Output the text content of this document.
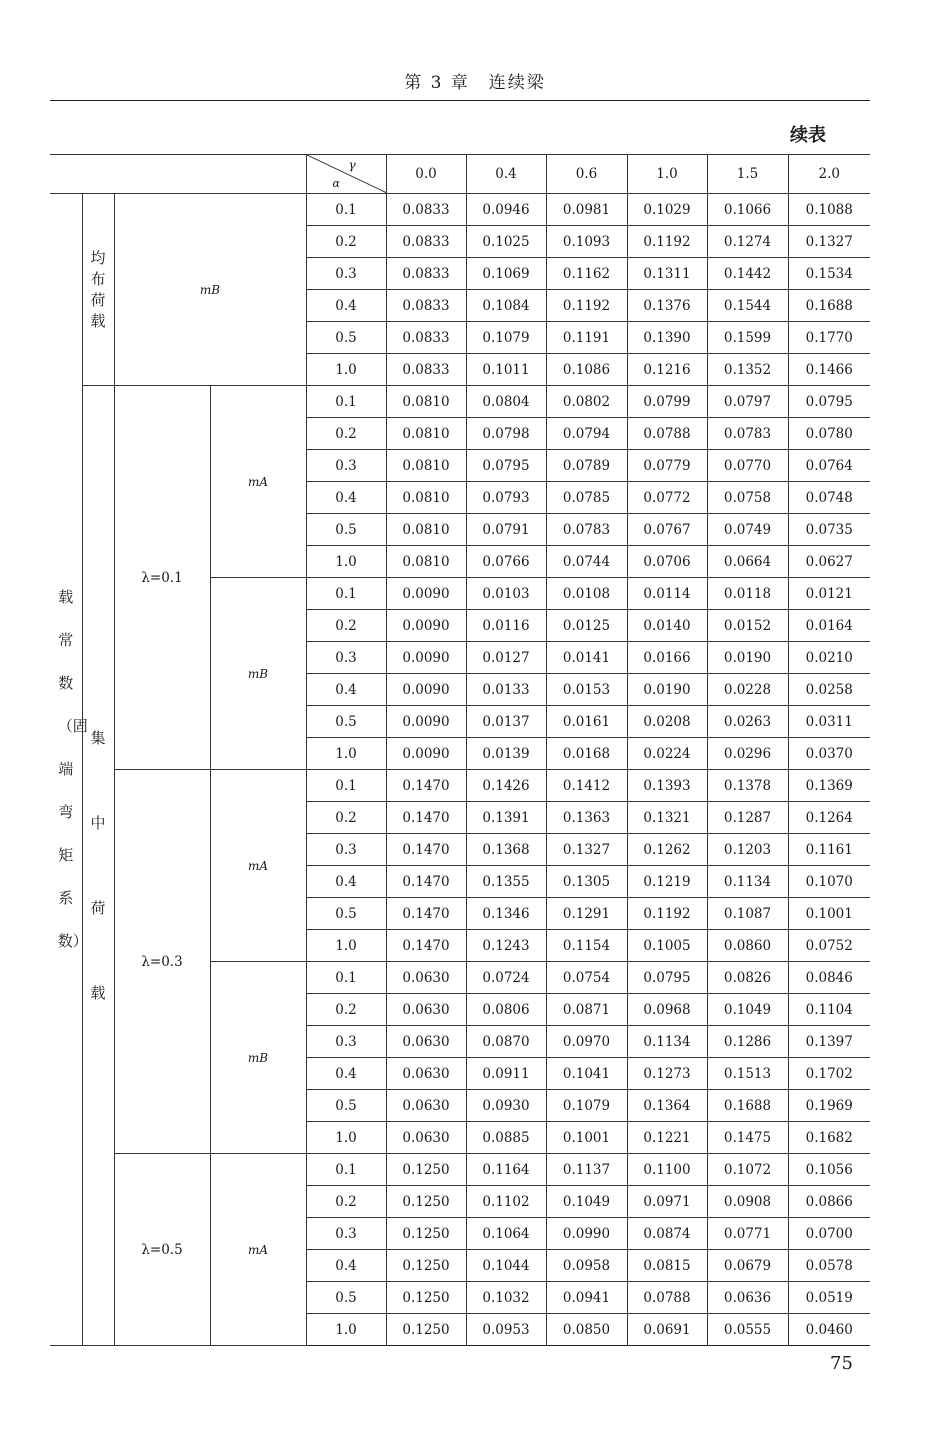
第 3 章　连续梁
续表

				γ
α	0.0	0.4	0.6	1.0	1.5	2.0
载常数（固端弯矩系数）	均布荷载	mB		0.1	0.0833	0.0946	0.0981	0.1029	0.1066	0.1088
				0.2	0.0833	0.1025	0.1093	0.1192	0.1274	0.1327
				0.3	0.0833	0.1069	0.1162	0.1311	0.1442	0.1534
				0.4	0.0833	0.1084	0.1192	0.1376	0.1544	0.1688
				0.5	0.0833	0.1079	0.1191	0.1390	0.1599	0.1770
				1.0	0.0833	0.1011	0.1086	0.1216	0.1352	0.1466
	集中荷载	λ=0.1	mA	0.1	0.0810	0.0804	0.0802	0.0799	0.0797	0.0795
				0.2	0.0810	0.0798	0.0794	0.0788	0.0783	0.0780
				0.3	0.0810	0.0795	0.0789	0.0779	0.0770	0.0764
				0.4	0.0810	0.0793	0.0785	0.0772	0.0758	0.0748
				0.5	0.0810	0.0791	0.0783	0.0767	0.0749	0.0735
				1.0	0.0810	0.0766	0.0744	0.0706	0.0664	0.0627
			mB	0.1	0.0090	0.0103	0.0108	0.0114	0.0118	0.0121
				0.2	0.0090	0.0116	0.0125	0.0140	0.0152	0.0164
				0.3	0.0090	0.0127	0.0141	0.0166	0.0190	0.0210
				0.4	0.0090	0.0133	0.0153	0.0190	0.0228	0.0258
				0.5	0.0090	0.0137	0.0161	0.0208	0.0263	0.0311
				1.0	0.0090	0.0139	0.0168	0.0224	0.0296	0.0370
		λ=0.3	mA	0.1	0.1470	0.1426	0.1412	0.1393	0.1378	0.1369
				0.2	0.1470	0.1391	0.1363	0.1321	0.1287	0.1264
				0.3	0.1470	0.1368	0.1327	0.1262	0.1203	0.1161
				0.4	0.1470	0.1355	0.1305	0.1219	0.1134	0.1070
				0.5	0.1470	0.1346	0.1291	0.1192	0.1087	0.1001
				1.0	0.1470	0.1243	0.1154	0.1005	0.0860	0.0752
			mB	0.1	0.0630	0.0724	0.0754	0.0795	0.0826	0.0846
				0.2	0.0630	0.0806	0.0871	0.0968	0.1049	0.1104
				0.3	0.0630	0.0870	0.0970	0.1134	0.1286	0.1397
				0.4	0.0630	0.0911	0.1041	0.1273	0.1513	0.1702
				0.5	0.0630	0.0930	0.1079	0.1364	0.1688	0.1969
				1.0	0.0630	0.0885	0.1001	0.1221	0.1475	0.1682
		λ=0.5	mA	0.1	0.1250	0.1164	0.1137	0.1100	0.1072	0.1056
				0.2	0.1250	0.1102	0.1049	0.0971	0.0908	0.0866
				0.3	0.1250	0.1064	0.0990	0.0874	0.0771	0.0700
				0.4	0.1250	0.1044	0.0958	0.0815	0.0679	0.0578
				0.5	0.1250	0.1032	0.0941	0.0788	0.0636	0.0519
				1.0	0.1250	0.0953	0.0850	0.0691	0.0555	0.0460
75
